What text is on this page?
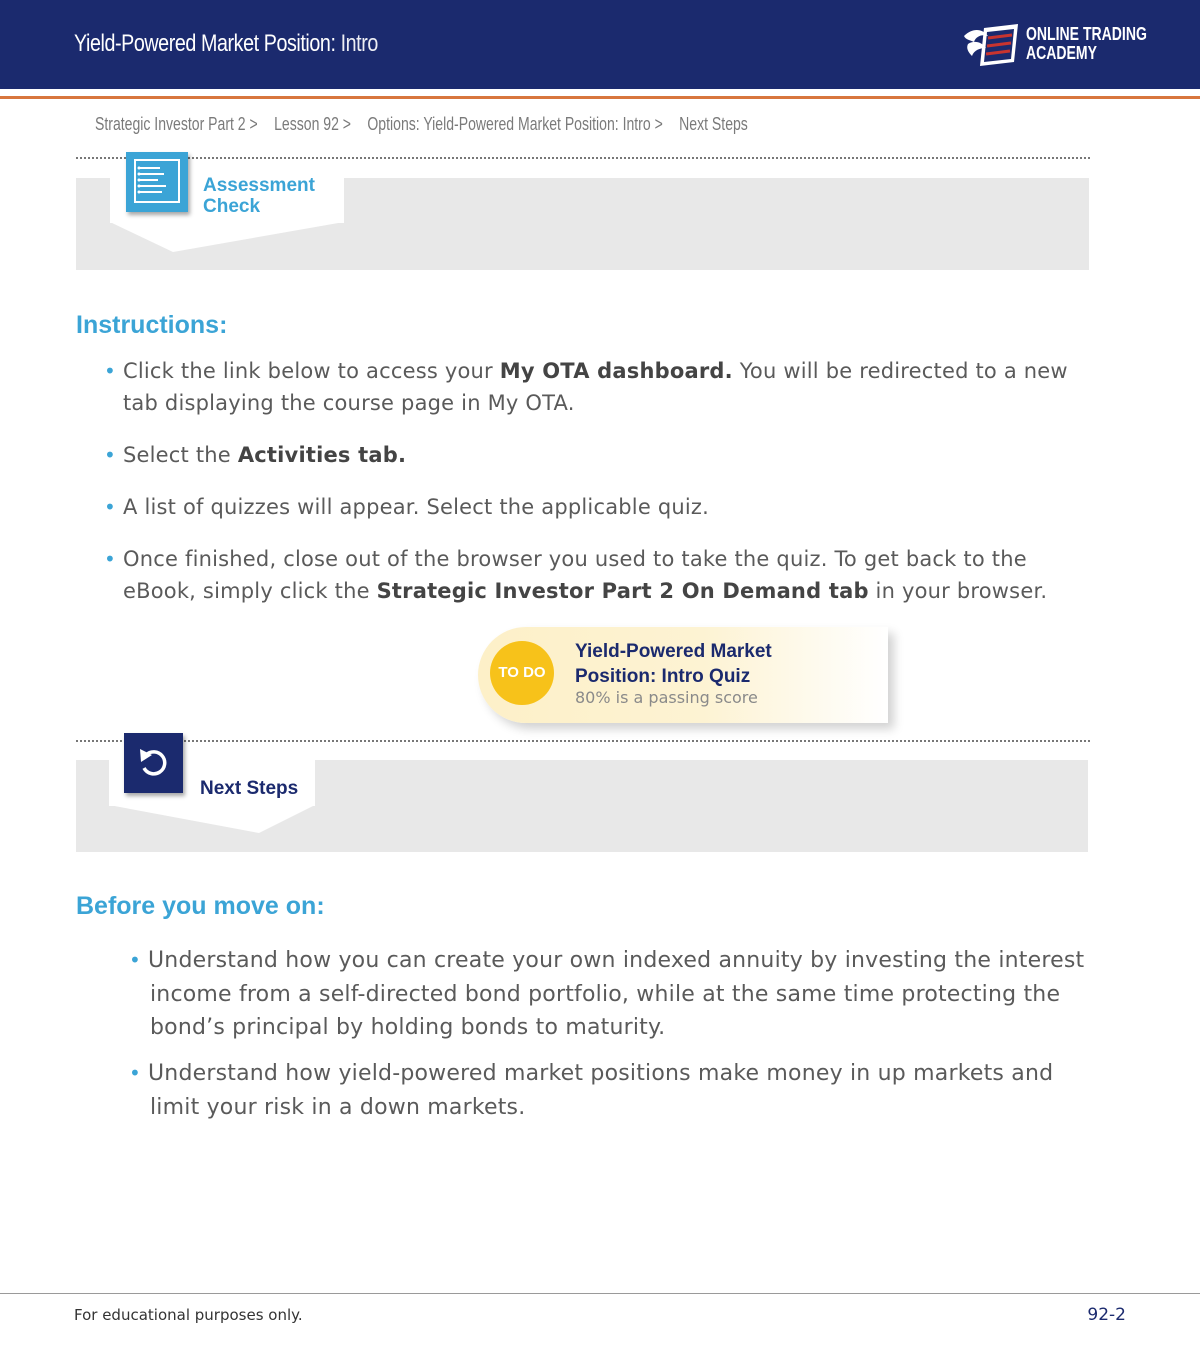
Yield-Powered Market Position: Intro	ONLINE TRADING
ACADEMY
Strategic Investor Part 2 > Lesson 92 > Options: Yield-Powered Market Position: Intro > Next Steps
Assessment
Check
Instructions:
• Click the link below to access your My OTA dashboard. You will be redirected to a new
tab displaying the course page in My OTA.
• Select the Activities tab.
• A list of quizzes will appear. Select the applicable quiz.
• Once finished, close out of the browser you used to take the quiz. To get back to the
eBook, simply click the Strategic Investor Part 2 On Demand tab in your browser.
TO DO
Yield-Powered Market
Position: Intro Quiz
80% is a passing score
Next Steps
Before you move on:
• Understand how you can create your own indexed annuity by investing the interest
income from a self-directed bond portfolio, while at the same time protecting the
bond’s principal by holding bonds to maturity.
• Understand how yield-powered market positions make money in up markets and
limit your risk in a down markets.
For educational purposes only.	92-2
